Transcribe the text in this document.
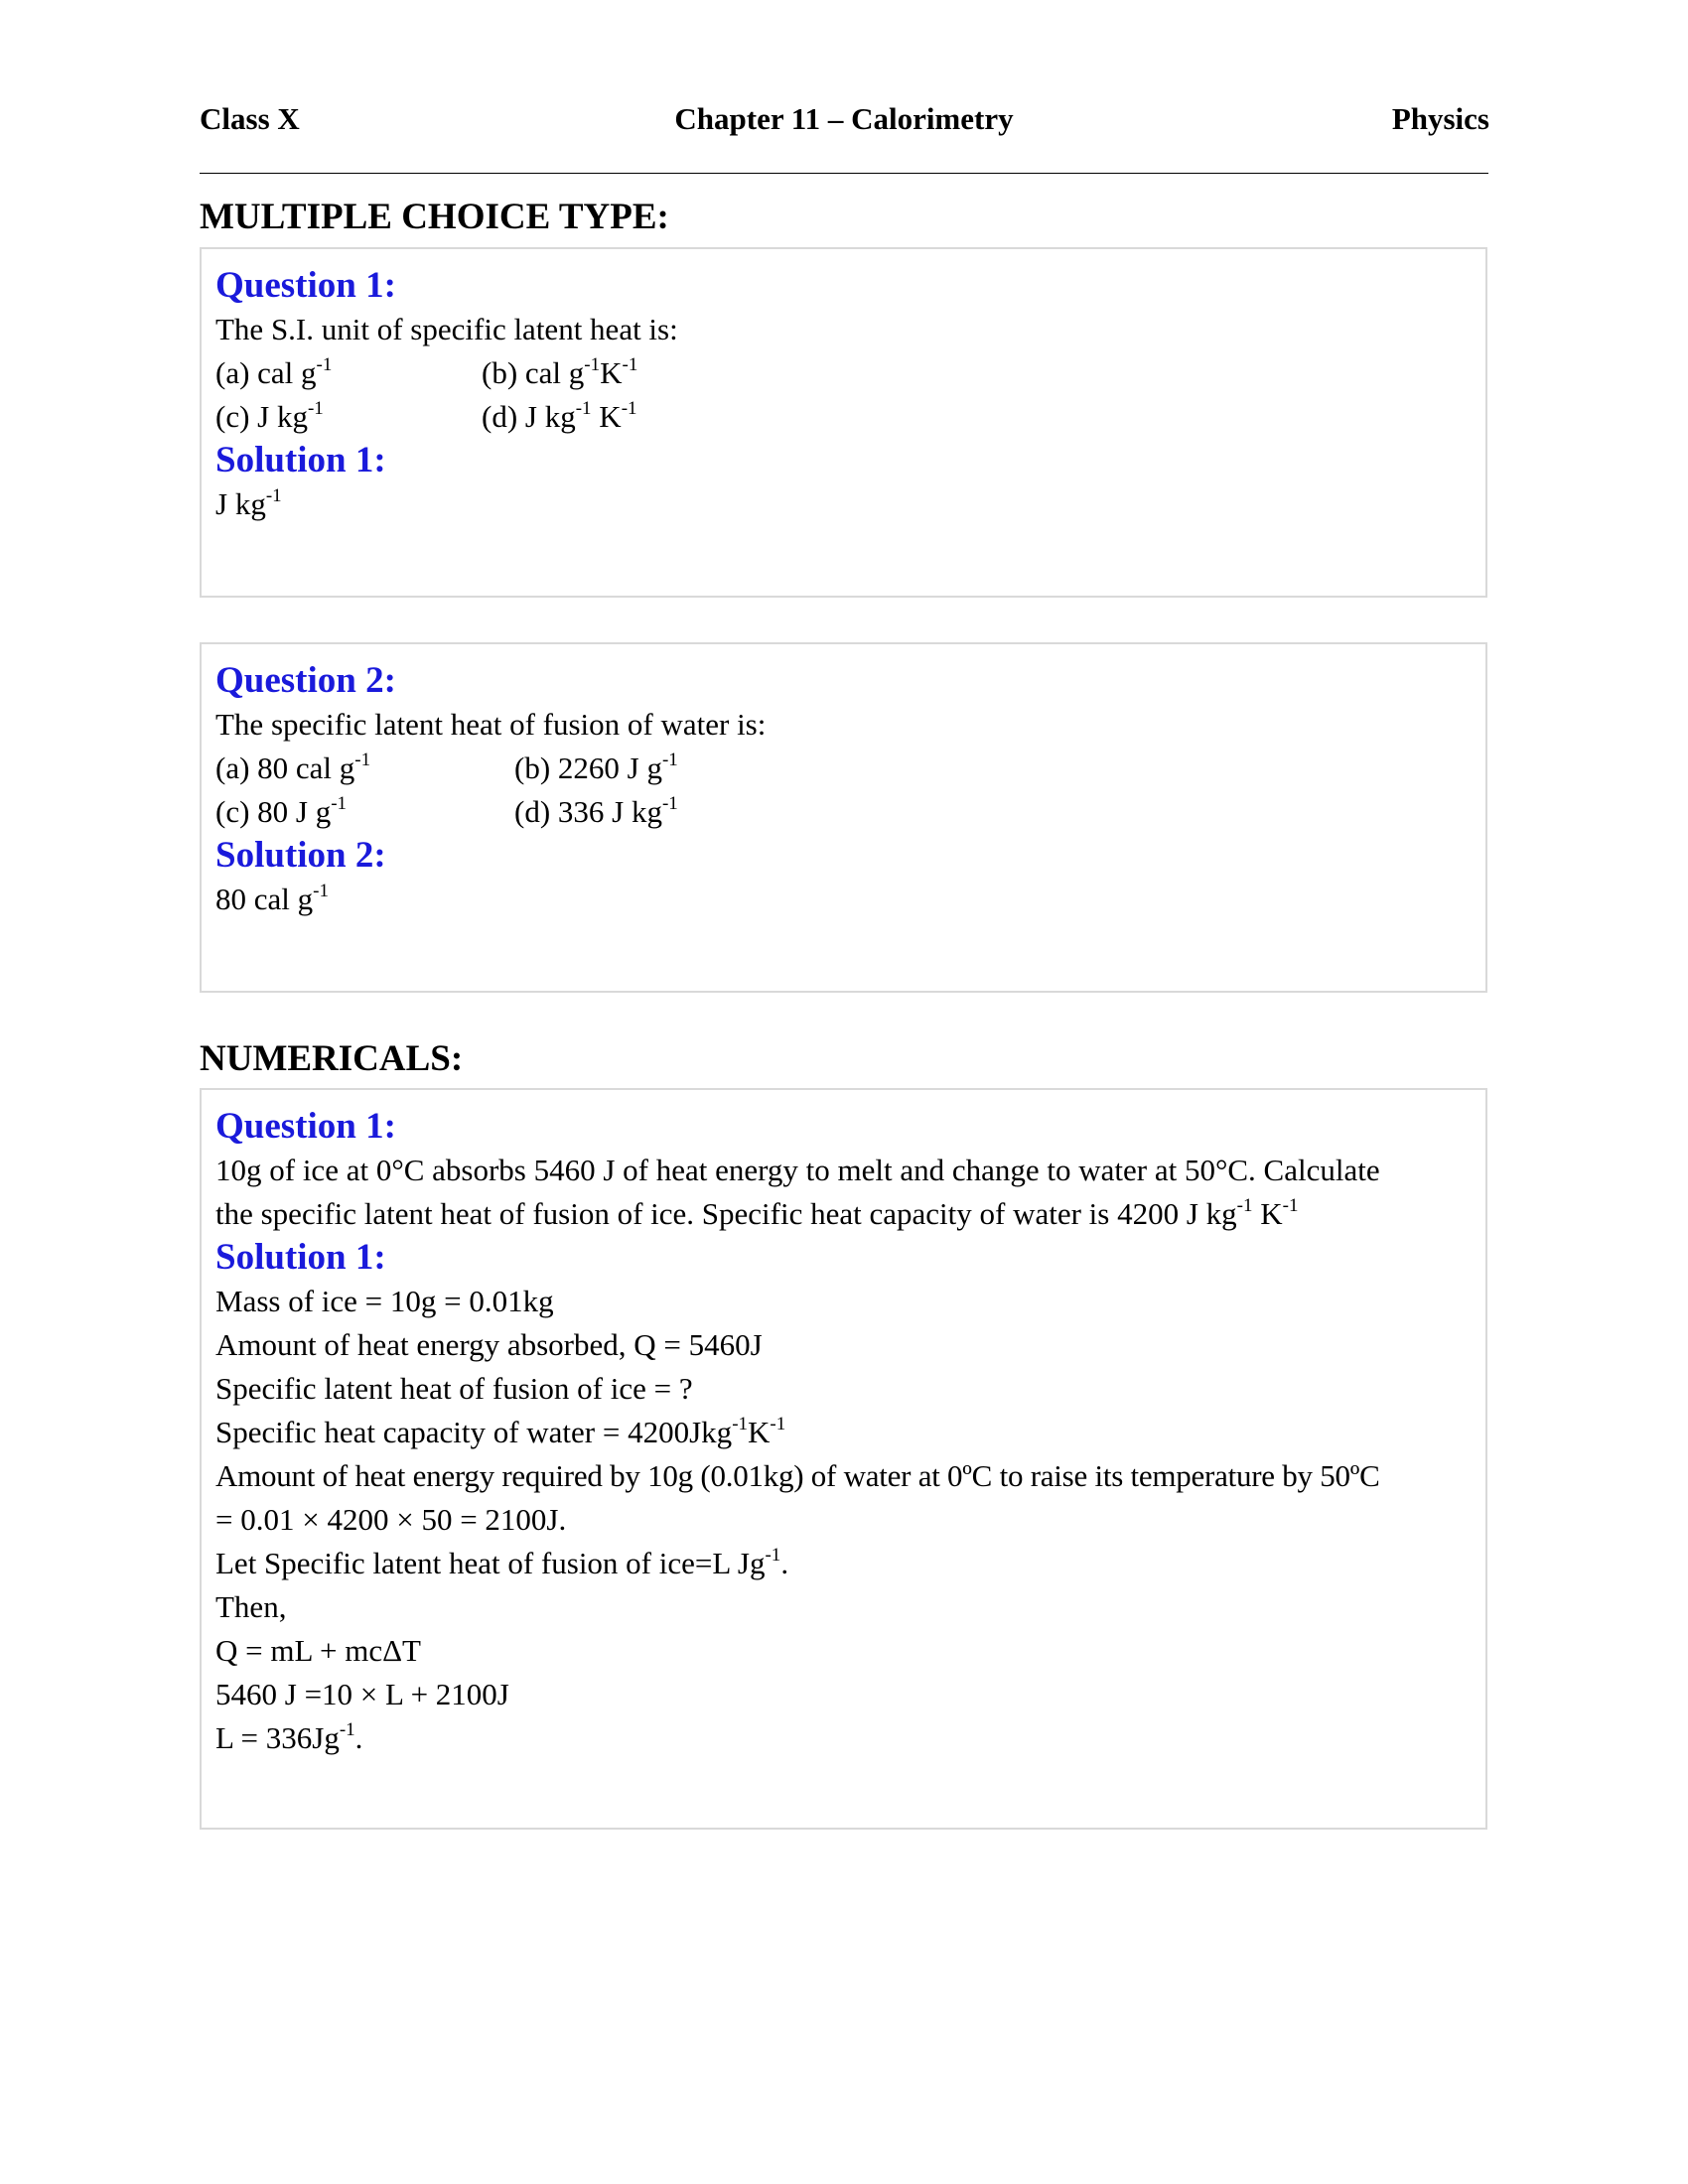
Class X	Chapter 11 – Calorimetry	Physics
MULTIPLE CHOICE TYPE:
Question 1:
The S.I. unit of specific latent heat is:
(a) cal $g^{-1}$	(b) cal $g^{-1}K^{-1}$
(c) J $kg^{-1}$	(d) J $kg^{-1}$ $K^{-1}$
Solution 1:
J $kg^{-1}$
Question 2:
The specific latent heat of fusion of water is:
(a) 80 cal $g^{-1}$	(b) 2260 J $g^{-1}$
(c) 80 J $g^{-1}$	(d) 336 J $kg^{-1}$
Solution 2:
80 cal $g^{-1}$
NUMERICALS:
Question 1:
10g of ice at 0°C absorbs 5460 J of heat energy to melt and change to water at 50°C. Calculate
the specific latent heat of fusion of ice. Specific heat capacity of water is 4200 J $kg^{-1}$ $K^{-1}$
Solution 1:
Mass of ice = 10g = 0.01kg
Amount of heat energy absorbed, Q = 5460J
Specific latent heat of fusion of ice = ?
Specific heat capacity of water = $4200Jkg^{-1}K^{-1}$
Amount of heat energy required by 10g (0.01kg) of water at 0ºC to raise its temperature by 50ºC
= 0.01 × 4200 × 50 = 2100J.
Let Specific latent heat of fusion of ice=L $Jg^{-1}$.
Then,
Q = mL + mcΔT
5460 J =10 × L + 2100J
$L = 336Jg^{-1}$.
